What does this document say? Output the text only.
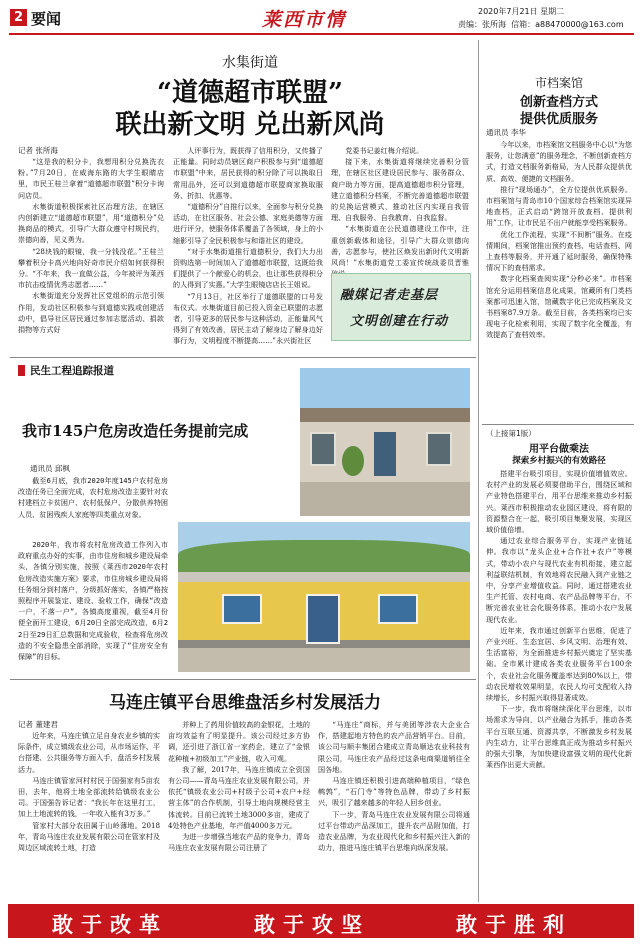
2 要闻	莱西市情	2020年7月21日 星期二
责编：张所海 信箱：a88470000@163.com
水集街道
“道德超市联盟”
联出新文明 兑出新风尚
记者 张所海

“这是我的积分卡，我想用积分兑换洗衣粉。”7月20日，在威海东路的大学生眼睛店里，市民王桂兰拿着“道德超市联盟”积分卡询问店员。

水集街道积极探索社区治理方法，在辖区内创新建立“道德超市联盟”，用“道德积分”兑换商品的模式，引导广大群众遵守村规民约，崇德向善，见义勇为。

“28块钱的眼镜，我一分钱没花。”王桂兰攀着积分卡高兴地向好奇市民介绍如何获得积分。“不年来，我一直做公益，今年被评为莱西市抗击疫情优秀志愿者……”

水集街道充分发挥社区党组织的示范引领作用，发动社区积极参与到道德实践或创建活动中，倡导社区居民通过参加志愿活动、捐款捐物等方式好

人评事行为，既获得了信用积分，又传播了正能量。同时动员辖区商户积极参与到“道德超市联盟”中来，居民获得的积分除了可以换取日常用品外，还可以到道德超市联盟商家换取服务、折扣、优惠等。

“道德积分”自推行以来，全面参与积分兑换活动，在社区服务、社会公德、家庭美德等方面进行评分，使服务体系覆盖了各领域，身上的小缩影引导了全民积极参与和谐社区的建设。

“对于水集街道推行道德积分，我们大力出资购选第一时间加入了道德超市联盟，这既给我们提供了一个献爱心的机会，也让那些获得积分的人得到了实惠。”大学生眼镜店店长王姐说。

“7月13日，社区举行了道德联盟的口号发布仪式。水集街道目前已投入资金已联盟的志愿者，引导更多的居民参与这种活动，正能量风气得到了有效改善，居民主动了解身边了解身边好事行为，文明程度不断提高……”永兴街社区

党委书记姜红梅介绍说。

接下来，水集街道将继续完善积分管理，在辖区社区建设居民参与、服务群众、商户助力等方面，提高道德超市积分管理，建立道德积分档案，不断完善道德超市联盟的兑换运营模式，推动社区内实现自我管理、自我服务、自我教育、自我监督。

“水集街道在公民道德建设工作中，注重创新载体和途径，引导广大群众崇德向善，志愿参与，使社区焕发出新时代文明新风尚！”水集街道党工委宣传统战委员晋雅

融媒记者走基层
文明创建在行动
市档案馆
创新查档方式
提供优质服务
通讯员 李华

今年以来，市档案馆文档服务中心以“为您服务，让您满意”的服务理念，不断创新查档方式，打造文档服务新格局，为人民群众提供优质、高效、便捷的文档服务。

推行“现场通办”，全方位提供优质服务。市档案馆与青岛市10个国家综合档案馆实现异地查档，正式启动“跨馆开放查档、提供利用”工作，让市民足不出户就能享受档案服务。

优化工作流程，实现“不间断”服务。在疫情期间，档案馆推出预约查档、电话查档、网上查档等服务，并开通了延时服务，确保特殊情况下的查档需求。

数字化档案查阅实现“分秒必来”。市档案馆充分运用档案信息化成果，馆藏所有门类档案都可迅速入馆，馆藏数字化已完成档案及文书档案87.9万条。截至目前，各类档案均已实现电子化检索利用，实现了数字化全覆盖，有效提高了查档效率。

民生工程追踪报道
我市145户危房改造任务提前完成
通讯员 邱枫

截至6月底，我市2020年度145户农村危房改造任务已全面完成，农村危房改造主要针对农村建档立卡贫困户、农村低保户、分散供养特困人员、贫困残疾人家庭等四类重点对象。

2020年，我市将农村危房改造工作列入市政府重点办好的实事，由市住房和城乡建设局牵头，各镇分别实施，按照《莱西市2020年农村危房改造实施方案》要求，市住房城乡建设局将任务细分到村落户，分级抓好落实，各镇严格按照程序开展鉴定、建设、验收工作，确保“改造一户，不落一户”。各镇高度重视，截至4月份便全面开工建设，6月20日全部完成改造，6月22日至29日汇总数据和完成验收，检查将危房改造的不安全隐患全部消除，实现了“住房安全有保障”的目标。

马连庄镇平台思维盘活乡村发展活力
记者 董建君

近年来，马连庄镇立足自身农业乡镇的实际条件，成立镇级农业公司，从市场运作、平台搭建、公共服务等方面入手，盘活乡村发展活力。

马连庄镇管家河村村民于国强家有5亩农田，去年，他将土地全部流转给镇级农业公司。于国强告诉记者：“我长年在这里打工，加上土地流转的钱，一年收入能有3万多。”

管家村大部分农田属于山岭薄地。2018年，青岛马连庄农业发展有限公司在管家村及周边区域流转土地，打造

并种上了药用价值较高的金银花，土地的亩均效益有了明显提升。该公司经过多方协调，还引进了浙江省一家药企，建立了“金银花种植+初级加工”产业链，收入可观。

我了解，2017年，马连庄镇成立全资国有公司——青岛马连庄农业发展有限公司，并依托“镇级农业公司+村级子公司+农户+经营主体”的合作机制，引导土地向规模经营主体流转。目前已流转土地3000多亩，建成了4处特色产业基地，年产值4000多万元。

为进一步增强当地农产品的竞争力，青岛马连庄农业发展有限公司注册了

“马连庄”商标，并与美团等涉农大企业合作，搭建起地方特色的农产品营销平台。目前，该公司与顺丰集团合建成立青岛顺达农业科技有限公司，马连庄农产品经过这条电商渠道销往全国各地。

马连庄镇还积极引进高端种植项目，“绿色鹌鹑”，“石门寺”等特色品牌，带动了乡村振兴，吸引了越来越多的年轻人回乡创业。

下一步，青岛马连庄农业发展有限公司将通过平台带动产品深加工，提升农产品附加值，打造农业品牌，为农业现代化和乡村振兴注入新的动力，推进马连庄镇平台思维向纵深发展。

（上接第1版）
用平台做乘法
探索乡村振兴的有效路径

搭建平台吸引项目，实现价值增值效应。农村产业的发展必须要借助平台，围绕区域和产业特色搭建平台，用平台思维来推动乡村振兴。莱西市积极推动农业园区建设，将有限的资源整合在一起，吸引项目集聚发展，实现区域价值倍增。

通过农业综合服务平台，实现产业链延伸。我市以“龙头企业+合作社+农户”等模式，带动小农户与现代农业有机衔接，建立起利益联结机制，有效地将农民融入到产业链之中，分享产业增值收益。同时，通过搭建农业生产托管、农村电商、农产品品牌等平台，不断完善农业社会化服务体系，推动小农户发展现代农业。

近年来，我市通过创新平台思维，促进了产业兴旺、生态宜居、乡风文明、治理有效、生活富裕，为全面推进乡村振兴奠定了坚实基础。全市累计建成各类农业服务平台100余个，农业社会化服务覆盖率达到80%以上，带动农民增收效果明显，农民人均可支配收入持续增长，乡村振兴取得显著成效。

下一步，我市将继续深化平台思维，以市场需求为导向，以产业融合为抓手，推动各类平台互联互通、资源共享，不断激发乡村发展内生动力，让平台思维真正成为推动乡村振兴的强大引擎，为加快建设富强文明的现代化新莱西作出更大贡献。

敢于改革	敢于攻坚	敢于胜利
